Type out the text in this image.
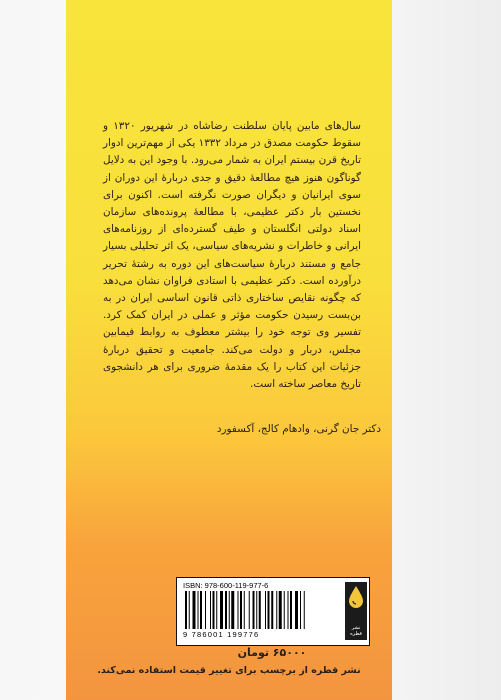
سال‌های مابین پایان سلطنت رضاشاه در شهریور ۱۳۲۰ و سقوط حکومت مصدق در مرداد ۱۳۳۲ یکی از مهم‌ترین ادوار تاریخ قرن بیستم ایران به شمار می‌رود. با وجود این به دلایل گوناگون هنوز هیچ مطالعهٔ دقیق و جدی دربارهٔ این دوران از سوی ایرانیان و دیگران صورت نگرفته است. اکنون برای نخستین بار دکتر عظیمی، با مطالعهٔ پرونده‌های سازمان اسناد دولتی انگلستان و طیف گسترده‌ای از روزنامه‌های ایرانی و خاطرات و نشریه‌های سیاسی، یک اثر تحلیلی بسیار جامع و مستند دربارهٔ سیاست‌های این دوره به رشتهٔ تحریر درآورده است. دکتر عظیمی با استادی فراوان نشان می‌دهد که چگونه نقایص ساختاری ذاتی قانون اساسی ایران در به بن‌بست رسیدن حکومت مؤثر و عملی در ایران کمک کرد. تفسیر وی توجه خود را بیشتر معطوف به روابط فیمابین مجلس، دربار و دولت می‌کند. جامعیت و تحقیق دربارهٔ جزئیات این کتاب را یک مقدمهٔ ضروری برای هر دانشجوی تاریخ معاصر ساخته است.
دکتر جان گرنی، وادهام کالج، آکسفورد
ISBN: 978-600-119-977-6
9 786001 199776
نشر قطره
۶۵۰۰۰ تومان
نشر قطره از برچسب برای تغییر قیمت استفاده نمی‌کند.
